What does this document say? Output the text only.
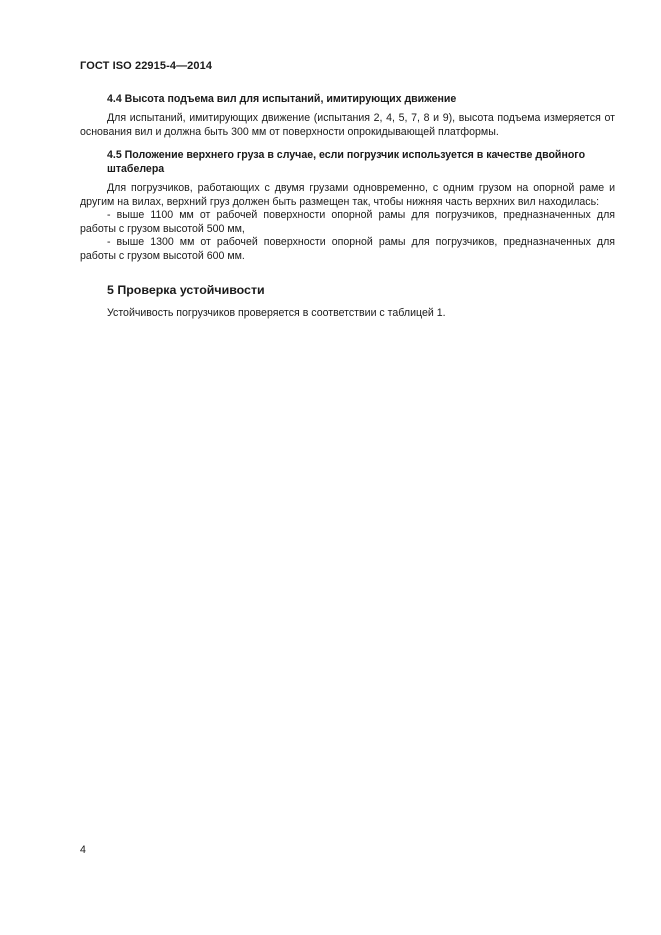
ГОСТ ISO 22915-4—2014
4.4 Высота подъема вил для испытаний, имитирующих движение
Для испытаний, имитирующих движение (испытания 2, 4, 5, 7, 8 и 9), высота подъема измеряется от основания вил и должна быть 300 мм от поверхности опрокидывающей платформы.
4.5 Положение верхнего груза в случае, если погрузчик используется в качестве двойного штабелера

Для погрузчиков, работающих с двумя грузами одновременно, с одним грузом на опорной раме и другим на вилах, верхний груз должен быть размещен так, чтобы нижняя часть верхних вил находилась:

- выше 1100 мм от рабочей поверхности опорной рамы для погрузчиков, предназначенных для работы с грузом высотой 500 мм,

- выше 1300 мм от рабочей поверхности опорной рамы для погрузчиков, предназначенных для работы с грузом высотой 600 мм.

5 Проверка устойчивости
Устойчивость погрузчиков проверяется в соответствии с таблицей 1.
4
